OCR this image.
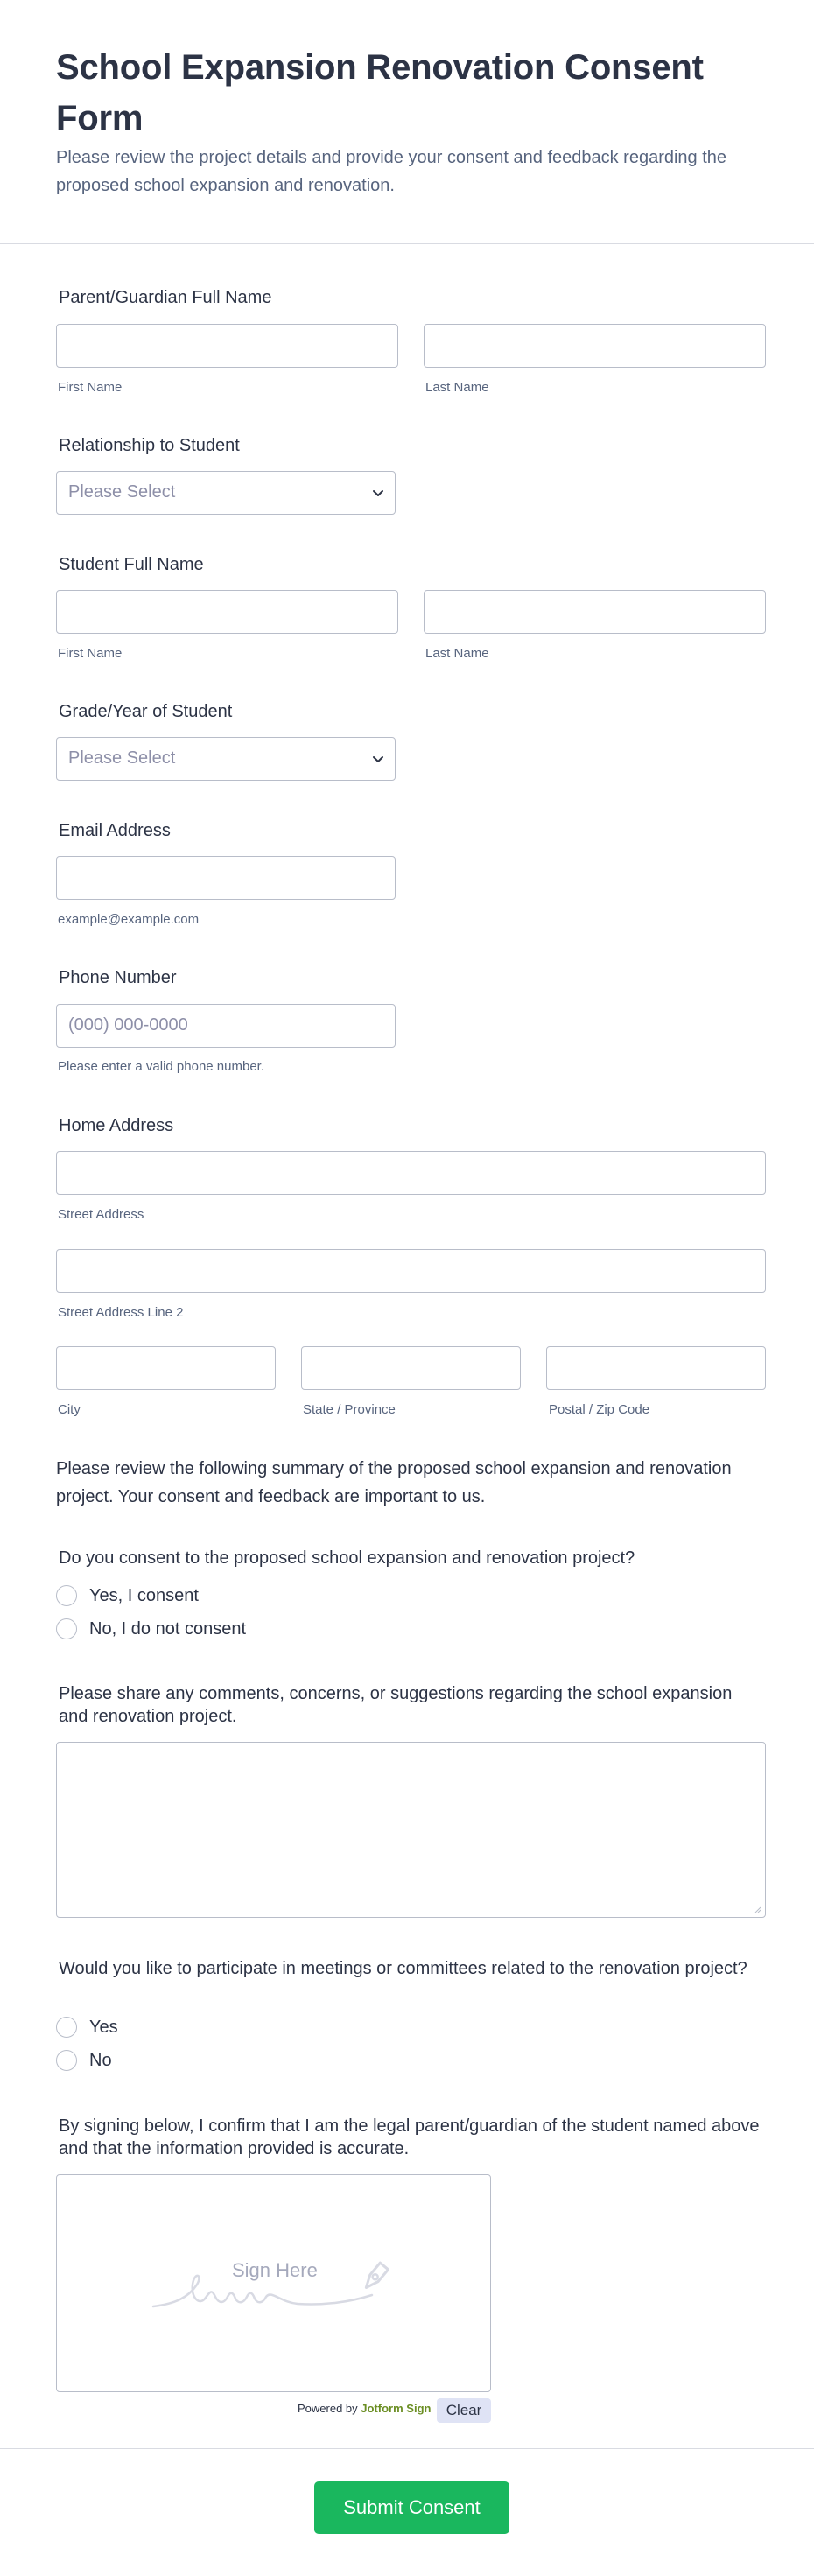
School Expansion Renovation Consent Form

Please review the project details and provide your consent and feedback regarding the proposed school expansion and renovation.

Parent/Guardian Full Name
First Name	Last Name
Relationship to Student
Please Select
Student Full Name
First Name	Last Name
Grade/Year of Student
Please Select
Email Address
example@example.com
Phone Number
(000) 000-0000
Please enter a valid phone number.
Home Address
Street Address
Street Address Line 2
City	State / Province	Postal / Zip Code
Please review the following summary of the proposed school expansion and renovation project. Your consent and feedback are important to us.
Do you consent to the proposed school expansion and renovation project?
Yes, I consent
No, I do not consent
Please share any comments, concerns, or suggestions regarding the school expansion and renovation project.
Would you like to participate in meetings or committees related to the renovation project?
Yes
No
By signing below, I confirm that I am the legal parent/guardian of the student named above and that the information provided is accurate.
Sign Here
Powered by Jotform Sign	Clear
Submit Consent
